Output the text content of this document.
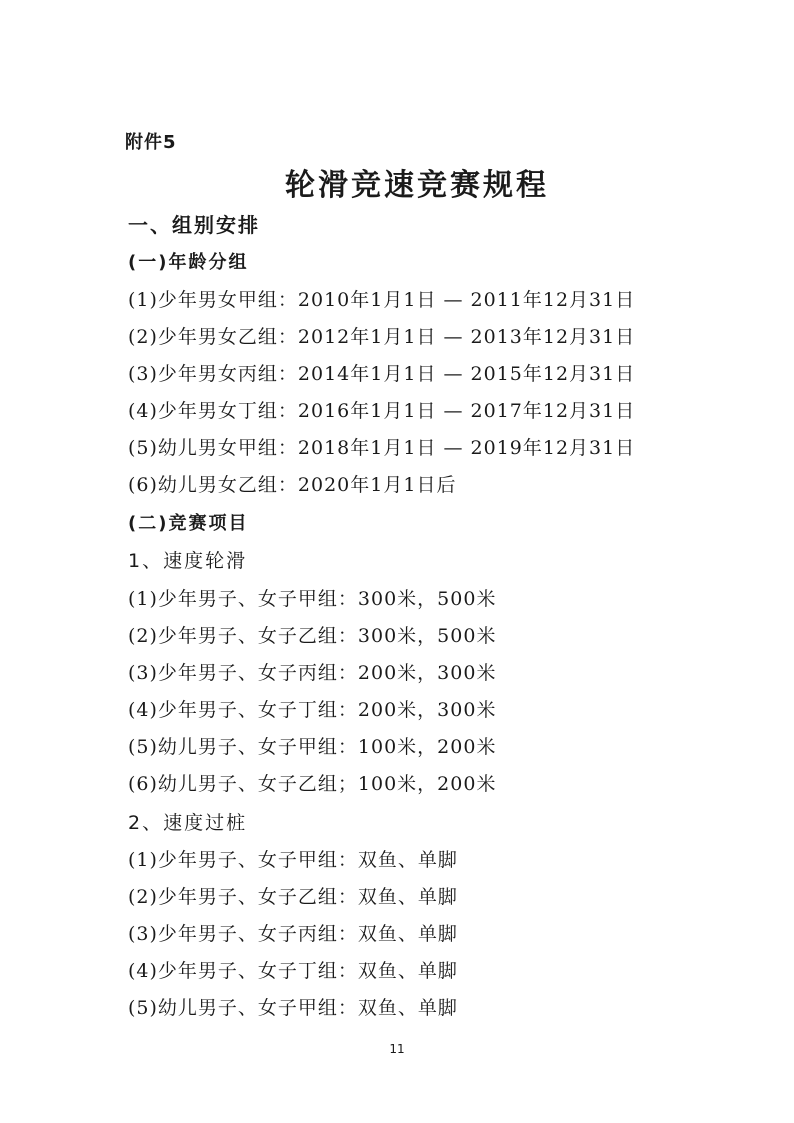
附件5
轮滑竞速竞赛规程
一、组别安排
(一)年龄分组
(1)少年男女甲组：2010年1月1日 — 2011年12月31日
(2)少年男女乙组：2012年1月1日 — 2013年12月31日
(3)少年男女丙组：2014年1月1日 — 2015年12月31日
(4)少年男女丁组：2016年1月1日 — 2017年12月31日
(5)幼儿男女甲组：2018年1月1日 — 2019年12月31日
(6)幼儿男女乙组：2020年1月1日后
(二)竞赛项目
1、速度轮滑
(1)少年男子、女子甲组：300米，500米
(2)少年男子、女子乙组：300米，500米
(3)少年男子、女子丙组：200米，300米
(4)少年男子、女子丁组：200米，300米
(5)幼儿男子、女子甲组：100米，200米
(6)幼儿男子、女子乙组；100米，200米
2、速度过桩
(1)少年男子、女子甲组：双鱼、单脚
(2)少年男子、女子乙组：双鱼、单脚
(3)少年男子、女子丙组：双鱼、单脚
(4)少年男子、女子丁组：双鱼、单脚
(5)幼儿男子、女子甲组：双鱼、单脚
11
